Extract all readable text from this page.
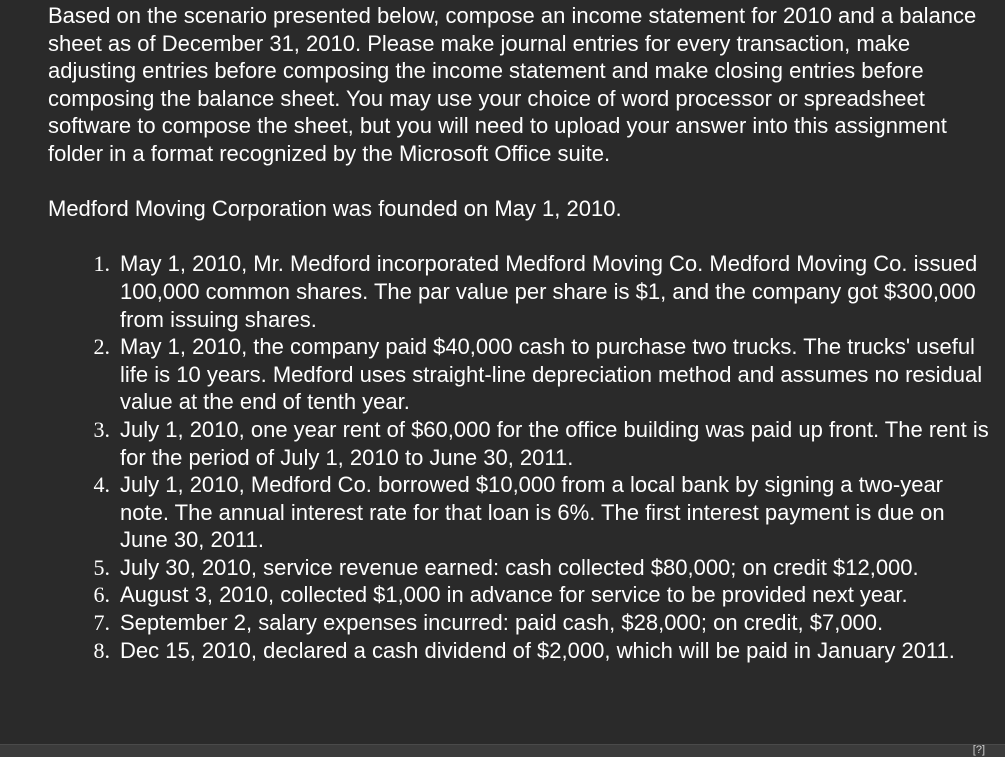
Based on the scenario presented below, compose an income statement for 2010 and a balance sheet as of December 31, 2010. Please make journal entries for every transaction, make adjusting entries before composing the income statement and make closing entries before composing the balance sheet. You may use your choice of word processor or spreadsheet software to compose the sheet, but you will need to upload your answer into this assignment folder in a format recognized by the Microsoft Office suite.

Medford Moving Corporation was founded on May 1, 2010.

1. May 1, 2010, Mr. Medford incorporated Medford Moving Co. Medford Moving Co. issued 100,000 common shares. The par value per share is $1, and the company got $300,000 from issuing shares.
2. May 1, 2010, the company paid $40,000 cash to purchase two trucks. The trucks' useful life is 10 years. Medford uses straight-line depreciation method and assumes no residual value at the end of tenth year.
3. July 1, 2010, one year rent of $60,000 for the office building was paid up front. The rent is for the period of July 1, 2010 to June 30, 2011.
4. July 1, 2010, Medford Co. borrowed $10,000 from a local bank by signing a two-year note. The annual interest rate for that loan is 6%. The first interest payment is due on June 30, 2011.
5. July 30, 2010, service revenue earned: cash collected $80,000; on credit $12,000.
6. August 3, 2010, collected $1,000 in advance for service to be provided next year.
7. September 2, salary expenses incurred: paid cash, $28,000; on credit, $7,000.
8. Dec 15, 2010, declared a cash dividend of $2,000, which will be paid in January 2011.
[?]
